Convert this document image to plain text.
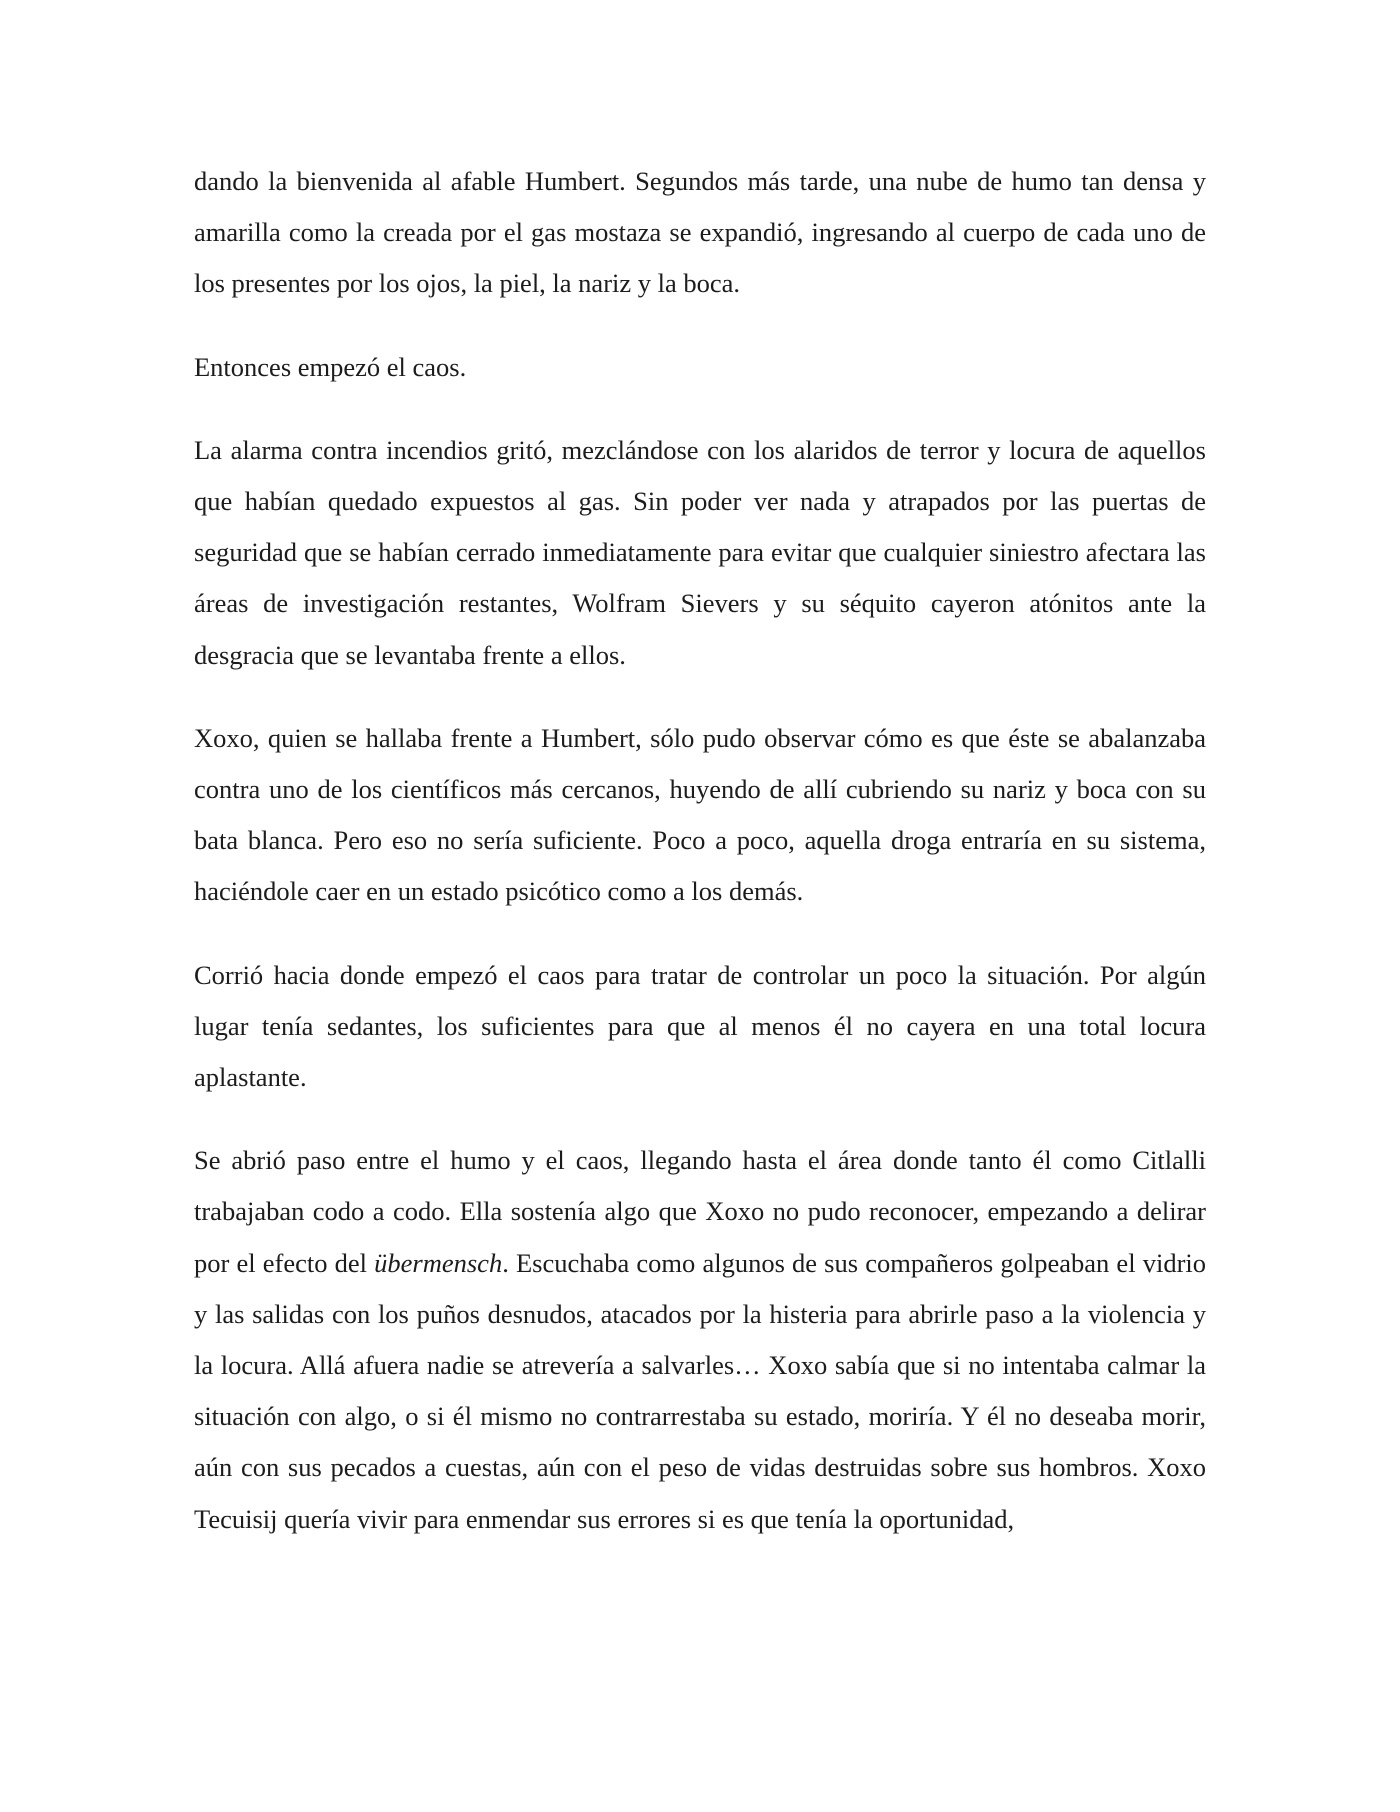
dando la bienvenida al afable Humbert. Segundos más tarde, una nube de humo tan densa y amarilla como la creada por el gas mostaza se expandió, ingresando al cuerpo de cada uno de los presentes por los ojos, la piel, la nariz y la boca.

Entonces empezó el caos.

La alarma contra incendios gritó, mezclándose con los alaridos de terror y locura de aquellos que habían quedado expuestos al gas. Sin poder ver nada y atrapados por las puertas de seguridad que se habían cerrado inmediatamente para evitar que cualquier siniestro afectara las áreas de investigación restantes, Wolfram Sievers y su séquito cayeron atónitos ante la desgracia que se levantaba frente a ellos.

Xoxo, quien se hallaba frente a Humbert, sólo pudo observar cómo es que éste se abalanzaba contra uno de los científicos más cercanos, huyendo de allí cubriendo su nariz y boca con su bata blanca. Pero eso no sería suficiente. Poco a poco, aquella droga entraría en su sistema, haciéndole caer en un estado psicótico como a los demás.

Corrió hacia donde empezó el caos para tratar de controlar un poco la situación. Por algún lugar tenía sedantes, los suficientes para que al menos él no cayera en una total locura aplastante.

Se abrió paso entre el humo y el caos, llegando hasta el área donde tanto él como Citlalli trabajaban codo a codo. Ella sostenía algo que Xoxo no pudo reconocer, empezando a delirar por el efecto del übermensch. Escuchaba como algunos de sus compañeros golpeaban el vidrio y las salidas con los puños desnudos, atacados por la histeria para abrirle paso a la violencia y la locura. Allá afuera nadie se atrevería a salvarles… Xoxo sabía que si no intentaba calmar la situación con algo, o si él mismo no contrarrestaba su estado, moriría. Y él no deseaba morir, aún con sus pecados a cuestas, aún con el peso de vidas destruidas sobre sus hombros. Xoxo Tecuisij quería vivir para enmendar sus errores si es que tenía la oportunidad,
